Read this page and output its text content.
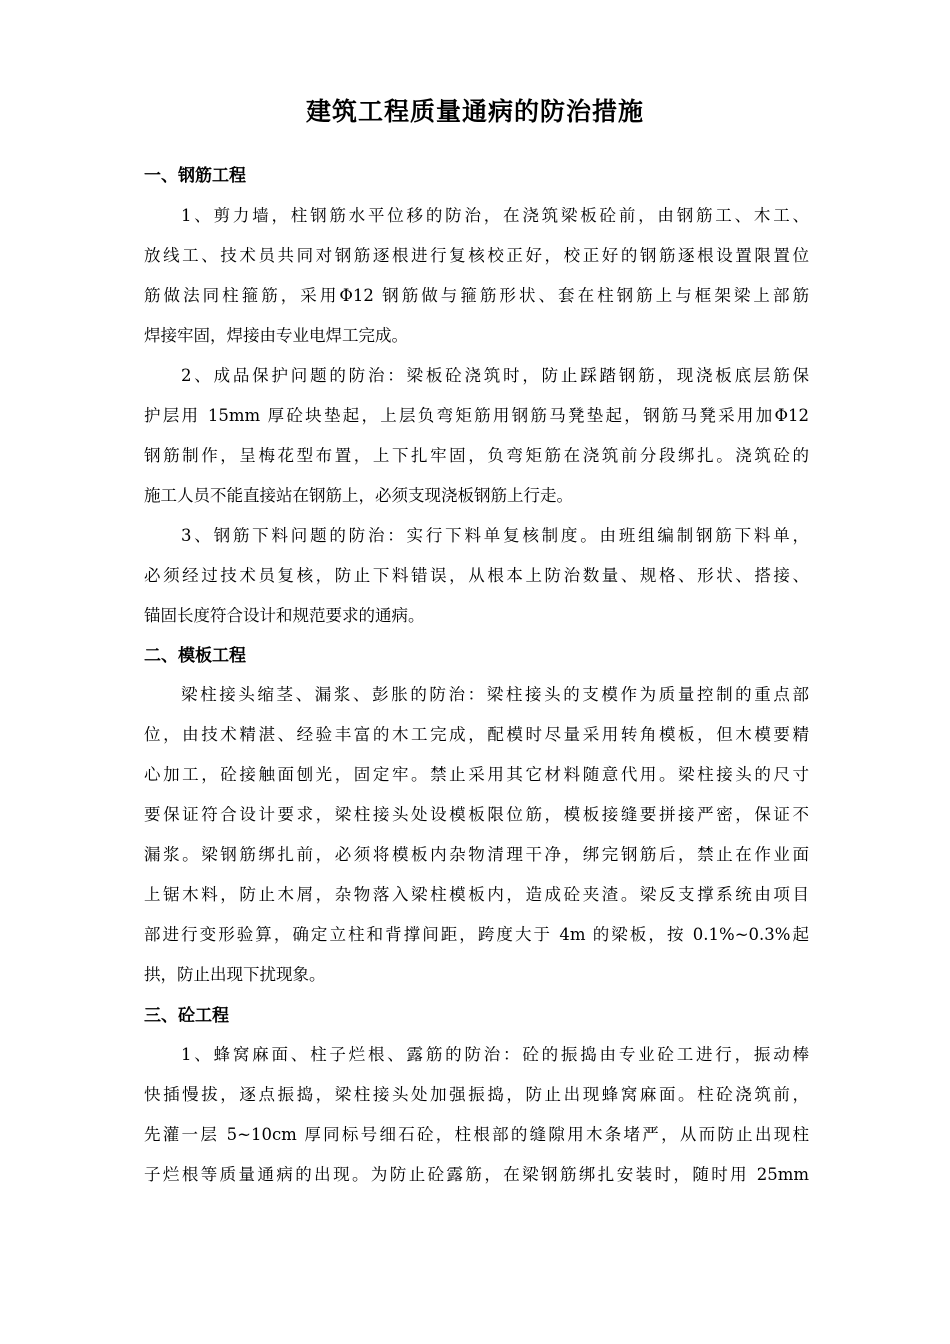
建筑工程质量通病的防治措施
一、钢筋工程
1、剪力墙，柱钢筋水平位移的防治，在浇筑梁板砼前，由钢筋工、木工、
放线工、技术员共同对钢筋逐根进行复核校正好，校正好的钢筋逐根设置限置位
筋做法同柱箍筋，采用Φ12 钢筋做与箍筋形状、套在柱钢筋上与框架梁上部筋
焊接牢固，焊接由专业电焊工完成。
2、成品保护问题的防治：梁板砼浇筑时，防止踩踏钢筋，现浇板底层筋保
护层用 15mm 厚砼块垫起，上层负弯矩筋用钢筋马凳垫起，钢筋马凳采用加Φ12
钢筋制作，呈梅花型布置，上下扎牢固，负弯矩筋在浇筑前分段绑扎。浇筑砼的
施工人员不能直接站在钢筋上，必须支现浇板钢筋上行走。
3、钢筋下料问题的防治：实行下料单复核制度。由班组编制钢筋下料单，
必须经过技术员复核，防止下料错误，从根本上防治数量、规格、形状、搭接、
锚固长度符合设计和规范要求的通病。
二、模板工程
梁柱接头缩茎、漏浆、彭胀的防治：梁柱接头的支模作为质量控制的重点部
位，由技术精湛、经验丰富的木工完成，配模时尽量采用转角模板，但木模要精
心加工，砼接触面刨光，固定牢。禁止采用其它材料随意代用。梁柱接头的尺寸
要保证符合设计要求，梁柱接头处设模板限位筋，模板接缝要拼接严密，保证不
漏浆。梁钢筋绑扎前，必须将模板内杂物清理干净，绑完钢筋后，禁止在作业面
上锯木料，防止木屑，杂物落入梁柱模板内，造成砼夹渣。梁反支撑系统由项目
部进行变形验算，确定立柱和背撑间距，跨度大于 4m 的梁板，按 0.1%~0.3%起
拱，防止出现下扰现象。
三、砼工程
1、蜂窝麻面、柱子烂根、露筋的防治：砼的振捣由专业砼工进行，振动棒
快插慢拔，逐点振捣，梁柱接头处加强振捣，防止出现蜂窝麻面。柱砼浇筑前，
先灌一层 5~10cm 厚同标号细石砼，柱根部的缝隙用木条堵严，从而防止出现柱
子烂根等质量通病的出现。为防止砼露筋，在梁钢筋绑扎安装时，随时用 25mm
